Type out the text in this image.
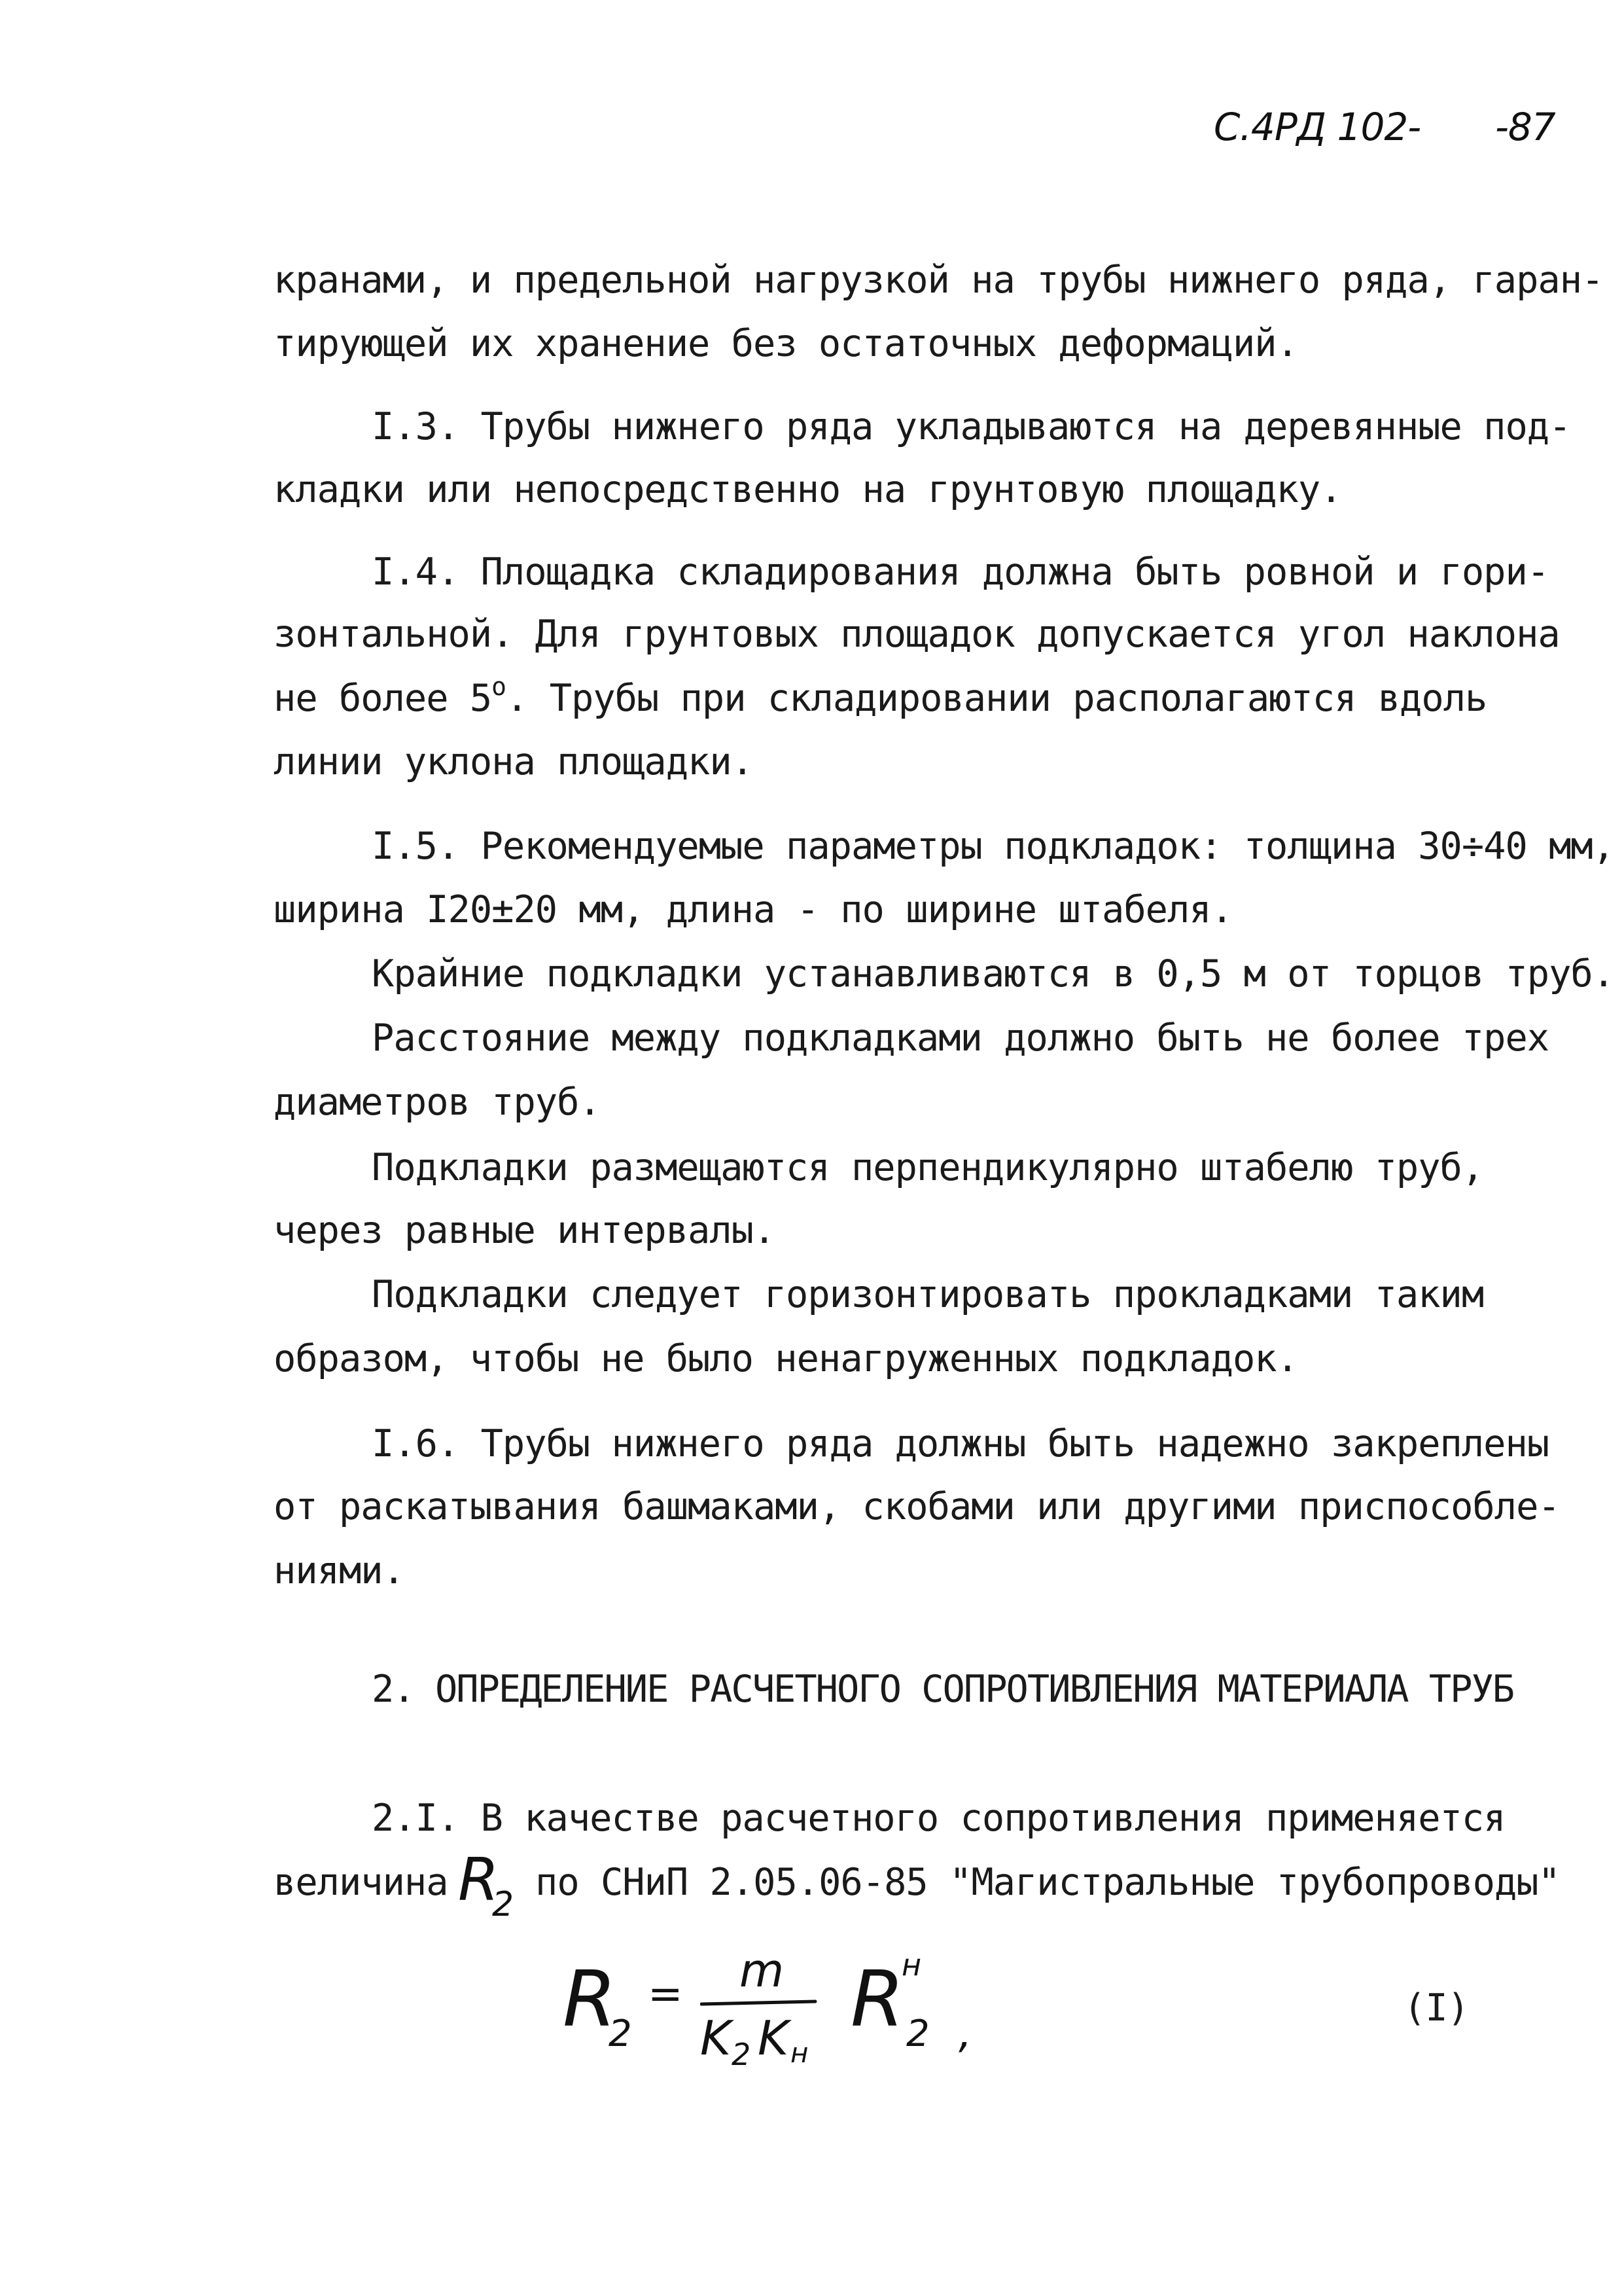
С.4РД 102- -87
кранами, и предельной нагрузкой на трубы нижнего ряда, гаран-
тирующей их хранение без остаточных деформаций.
I.3. Трубы нижнего ряда укладываются на деревянные под-
кладки или непосредственно на грунтовую площадку.
I.4. Площадка складирования должна быть ровной и гори-
зонтальной. Для грунтовых площадок допускается угол наклона
не более $5^о$. Трубы при складировании располагаются вдоль
линии уклона площадки.
I.5. Рекомендуемые параметры подкладок: толщина 30÷40 мм,
ширина I20±20 мм, длина - по ширине штабеля.
Крайние подкладки устанавливаются в 0,5 м от торцов труб.
Расстояние между подкладками должно быть не более трех
диаметров труб.
Подкладки размещаются перпендикулярно штабелю труб,
через равные интервалы.
Подкладки следует горизонтировать прокладками таким
образом, чтобы не было ненагруженных подкладок.
I.6. Трубы нижнего ряда должны быть надежно закреплены
от раскатывания башмаками, скобами или другими приспособле-
ниями.
2. ОПРЕДЕЛЕНИЕ РАСЧЕТНОГО СОПРОТИВЛЕНИЯ МАТЕРИАЛА ТРУБ
2.I. В качестве расчетного сопротивления применяется
величина R
2
по СНиП 2.05.06-85 "Магистральные трубопроводы"
R
2
= m
K 2 K н
R
н
2 ,
(I)
